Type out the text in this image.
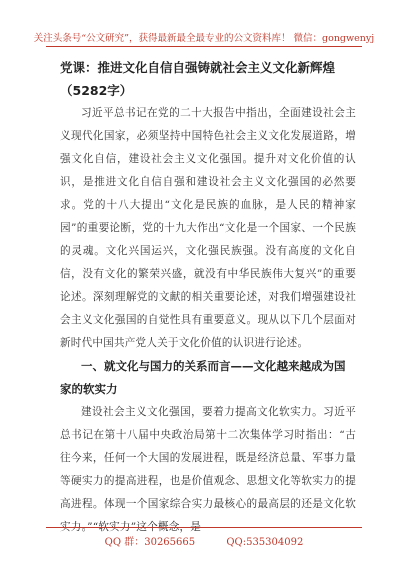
关注头条号“公文研究”，获得最新最全最专业的公文资料库！ 微信：gongwenyj

党课：推进文化自信自强铸就社会主义文化新辉煌（5282字）

习近平总书记在党的二十大报告中指出，全面建设社会主义现代化国家，必须坚持中国特色社会主义文化发展道路，增强文化自信，建设社会主义文化强国。提升对文化价值的认识，是推进文化自信自强和建设社会主义文化强国的必然要求。党的十八大提出“文化是民族的血脉，是人民的精神家园”的重要论断，党的十九大作出“文化是一个国家、一个民族的灵魂。文化兴国运兴，文化强民族强。没有高度的文化自信，没有文化的繁荣兴盛，就没有中华民族伟大复兴”的重要论述。深刻理解党的文献的相关重要论述，对我们增强建设社会主义文化强国的自觉性具有重要意义。现从以下几个层面对新时代中国共产党人关于文化价值的认识进行论述。

一、就文化与国力的关系而言——文化越来越成为国家的软实力

建设社会主义文化强国，要着力提高文化软实力。习近平总书记在第十八届中央政治局第十二次集体学习时指出：“古往今来，任何一个大国的发展进程，既是经济总量、军事力量等硬实力的提高进程，也是价值观念、思想文化等软实力的提高进程。体现一个国家综合实力最核心的最高层的还是文化软实力。”“软实力”这个概念，是

QQ 群：30265665	QQ:535304092
